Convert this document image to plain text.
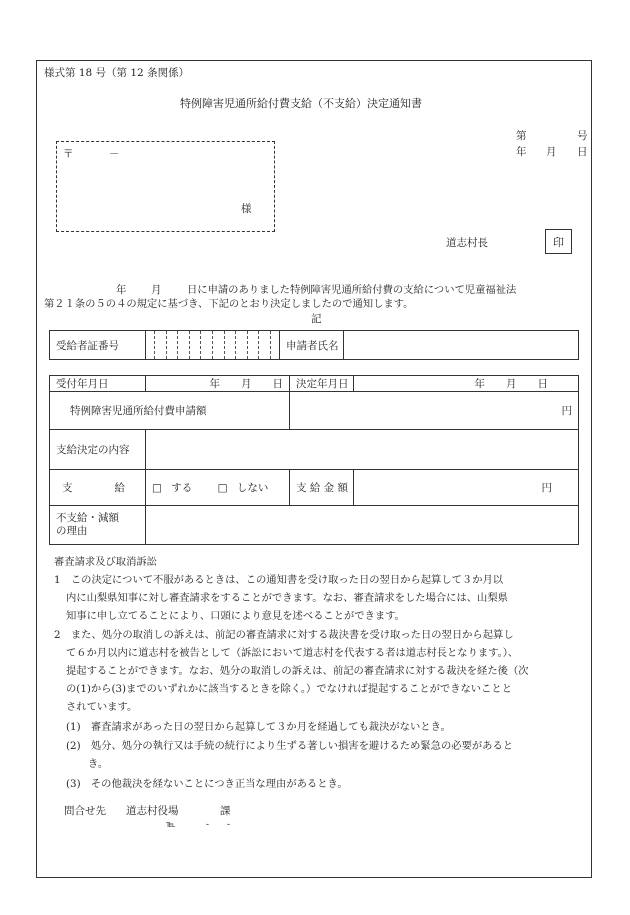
様式第 18 号（第 12 条関係）
特例障害児通所給付費支給（不支給）決定通知書
第	号
年 月 日
〒	－
様
道志村長	印
年 月 日に申請のありました特例障害児通所給付費の支給について児童福祉法
第２１条の５の４の規定に基づき、下記のとおり決定しましたので通知します。
記
受給者証番号		申請者氏名	
受付年月日	年　　月　　日	決定年月日	年　　月　　日
特例障害児通所給付費申請額		円	
支給決定の内容			
支　　　　給	□ する □ しない	支 給 金 額	円

不支給・減額
の理由			

審査請求及び取消訴訟
1　この決定について不服があるときは、この通知書を受け取った日の翌日から起算して３か月以
内に山梨県知事に対し審査請求をすることができます。なお、審査請求をした場合には、山梨県
知事に申し立てることにより、口頭により意見を述べることができます。
2　また、処分の取消しの訴えは、前記の審査請求に対する裁決書を受け取った日の翌日から起算し
て６か月以内に道志村を被告として（訴訟において道志村を代表する者は道志村長となります。）、
提起することができます。なお、処分の取消しの訴えは、前記の審査請求に対する裁決を経た後（次
の(1)から(3)までのいずれかに該当するときを除く。）でなければ提起することができないことと
されています。
(1)　審査請求があった日の翌日から起算して３か月を経過しても裁決がないとき。
(2)　処分、処分の執行又は手続の続行により生ずる著しい損害を避けるため緊急の必要があると
き。
(3)　その他裁決を経ないことにつき正当な理由があるとき。
問合せ先 道志村役場	課
℡	-　　-
